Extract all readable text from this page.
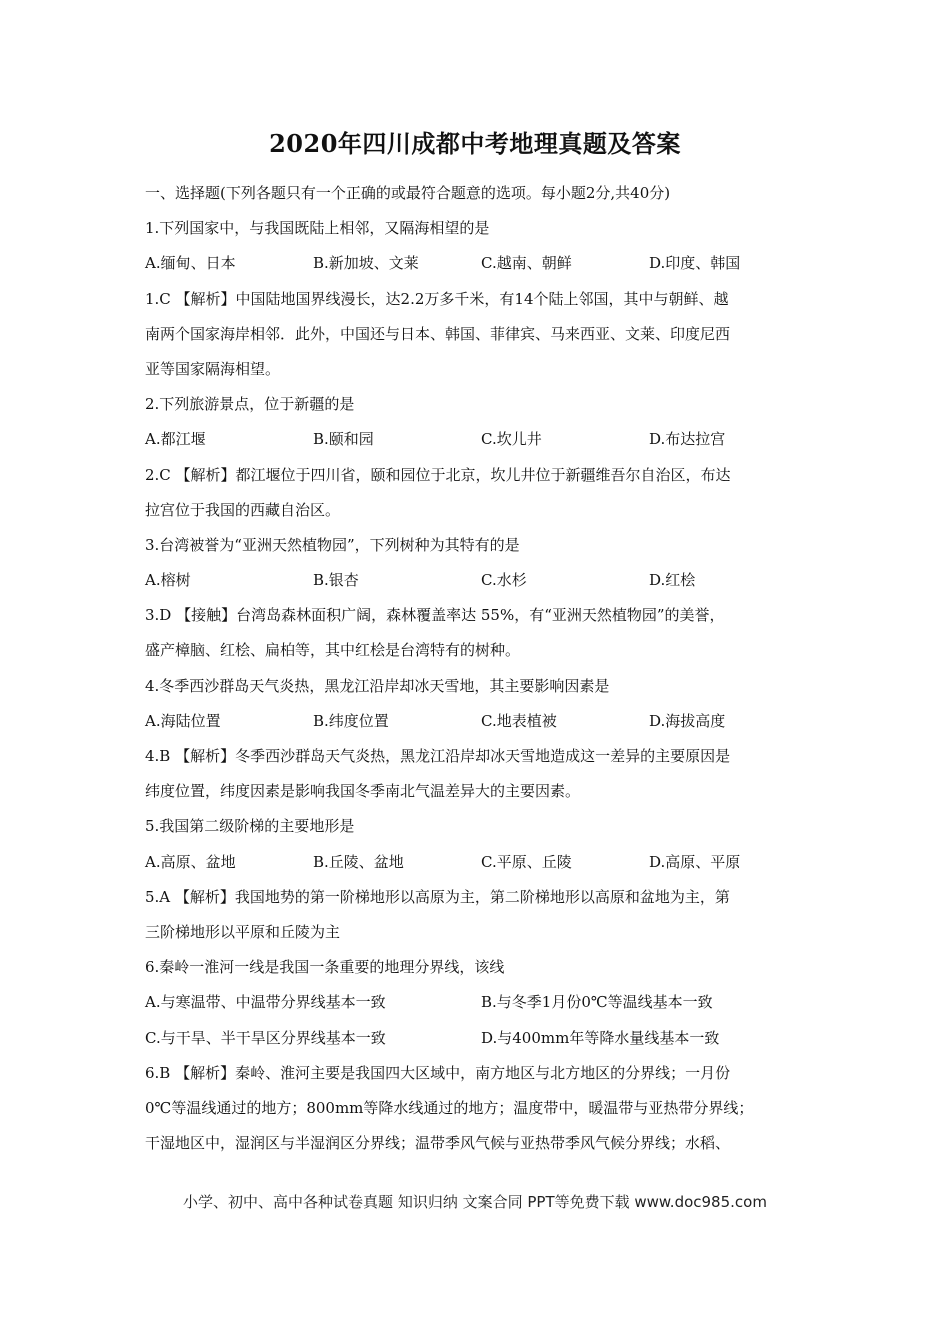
2020年四川成都中考地理真题及答案
一、选择题(下列各题只有一个正确的或最符合题意的选项。每小题2分,共40分)
1.下列国家中，与我国既陆上相邻，又隔海相望的是
A.缅甸、日本	B.新加坡、文莱	C.越南、朝鲜	D.印度、韩国
1.C 【解析】中国陆地国界线漫长，达2.2万多千米，有14个陆上邻国，其中与朝鲜、越
南两个国家海岸相邻．此外，中国还与日本、韩国、菲律宾、马来西亚、文莱、印度尼西
亚等国家隔海相望。
2.下列旅游景点，位于新疆的是
A.都江堰	B.颐和园	C.坎儿井	D.布达拉宫
2.C 【解析】都江堰位于四川省，颐和园位于北京，坎儿井位于新疆维吾尔自治区，布达
拉宫位于我国的西藏自治区。
3.台湾被誉为“亚洲天然植物园”，下列树种为其特有的是
A.榕树	B.银杏	C.水杉	D.红桧
3.D 【接触】台湾岛森林面积广阔，森林覆盖率达 55%，有“亚洲天然植物园”的美誉，
盛产樟脑、红桧、扁柏等，其中红桧是台湾特有的树种。
4.冬季西沙群岛天气炎热，黑龙江沿岸却冰天雪地，其主要影响因素是
A.海陆位置	B.纬度位置	C.地表植被	D.海拔高度
4.B 【解析】冬季西沙群岛天气炎热，黑龙江沿岸却冰天雪地造成这一差异的主要原因是
纬度位置，纬度因素是影响我国冬季南北气温差异大的主要因素。
5.我国第二级阶梯的主要地形是
A.高原、盆地	B.丘陵、盆地	C.平原、丘陵	D.高原、平原
5.A 【解析】我国地势的第一阶梯地形以高原为主，第二阶梯地形以高原和盆地为主，第
三阶梯地形以平原和丘陵为主
6.秦岭一淮河一线是我国一条重要的地理分界线，该线
A.与寒温带、中温带分界线基本一致	B.与冬季1月份0℃等温线基本一致
C.与干旱、半干旱区分界线基本一致	D.与400mm年等降水量线基本一致
6.B 【解析】秦岭、淮河主要是我国四大区域中，南方地区与北方地区的分界线；一月份
0℃等温线通过的地方；800mm等降水线通过的地方；温度带中，暖温带与亚热带分界线；
干湿地区中，湿润区与半湿润区分界线；温带季风气候与亚热带季风气候分界线；水稻、
小学、初中、高中各种试卷真题 知识归纳 文案合同 PPT等免费下载 www.doc985.com
